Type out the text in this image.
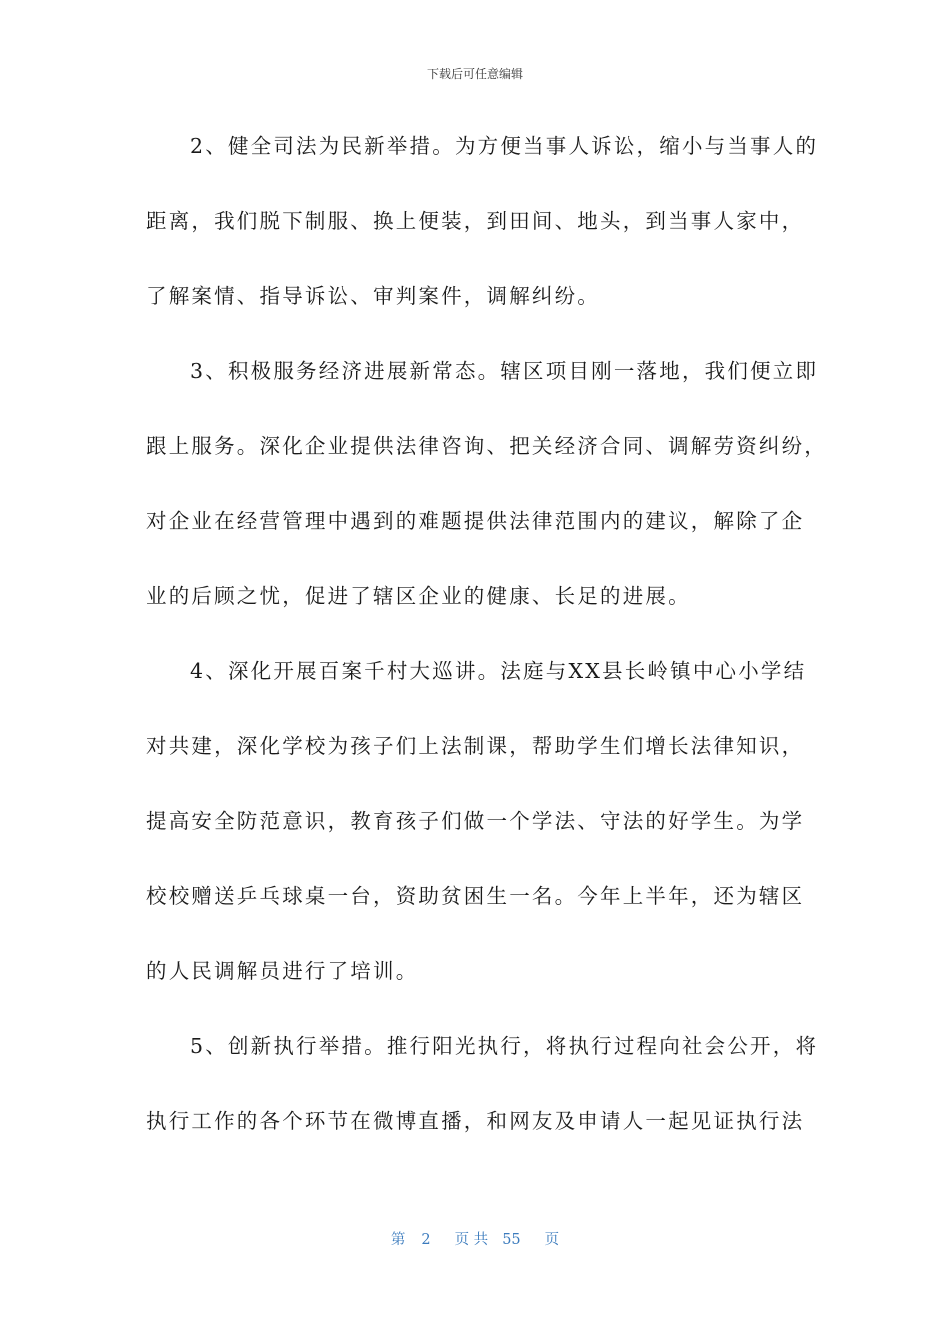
下载后可任意编辑
2、健全司法为民新举措。为方便当事人诉讼，缩小与当事人的
距离，我们脱下制服、换上便装，到田间、地头，到当事人家中，
了解案情、指导诉讼、审判案件，调解纠纷。
3、积极服务经济进展新常态。辖区项目刚一落地，我们便立即
跟上服务。深化企业提供法律咨询、把关经济合同、调解劳资纠纷，
对企业在经营管理中遇到的难题提供法律范围内的建议，解除了企
业的后顾之忧，促进了辖区企业的健康、长足的进展。
4、深化开展百案千村大巡讲。法庭与XX县长岭镇中心小学结
对共建，深化学校为孩子们上法制课，帮助学生们增长法律知识，
提高安全防范意识，教育孩子们做一个学法、守法的好学生。为学
校校赠送乒乓球桌一台，资助贫困生一名。今年上半年，还为辖区
的人民调解员进行了培训。
5、创新执行举措。推行阳光执行，将执行过程向社会公开，将
执行工作的各个环节在微博直播，和网友及申请人一起见证执行法
第 2 页 共 55 页
